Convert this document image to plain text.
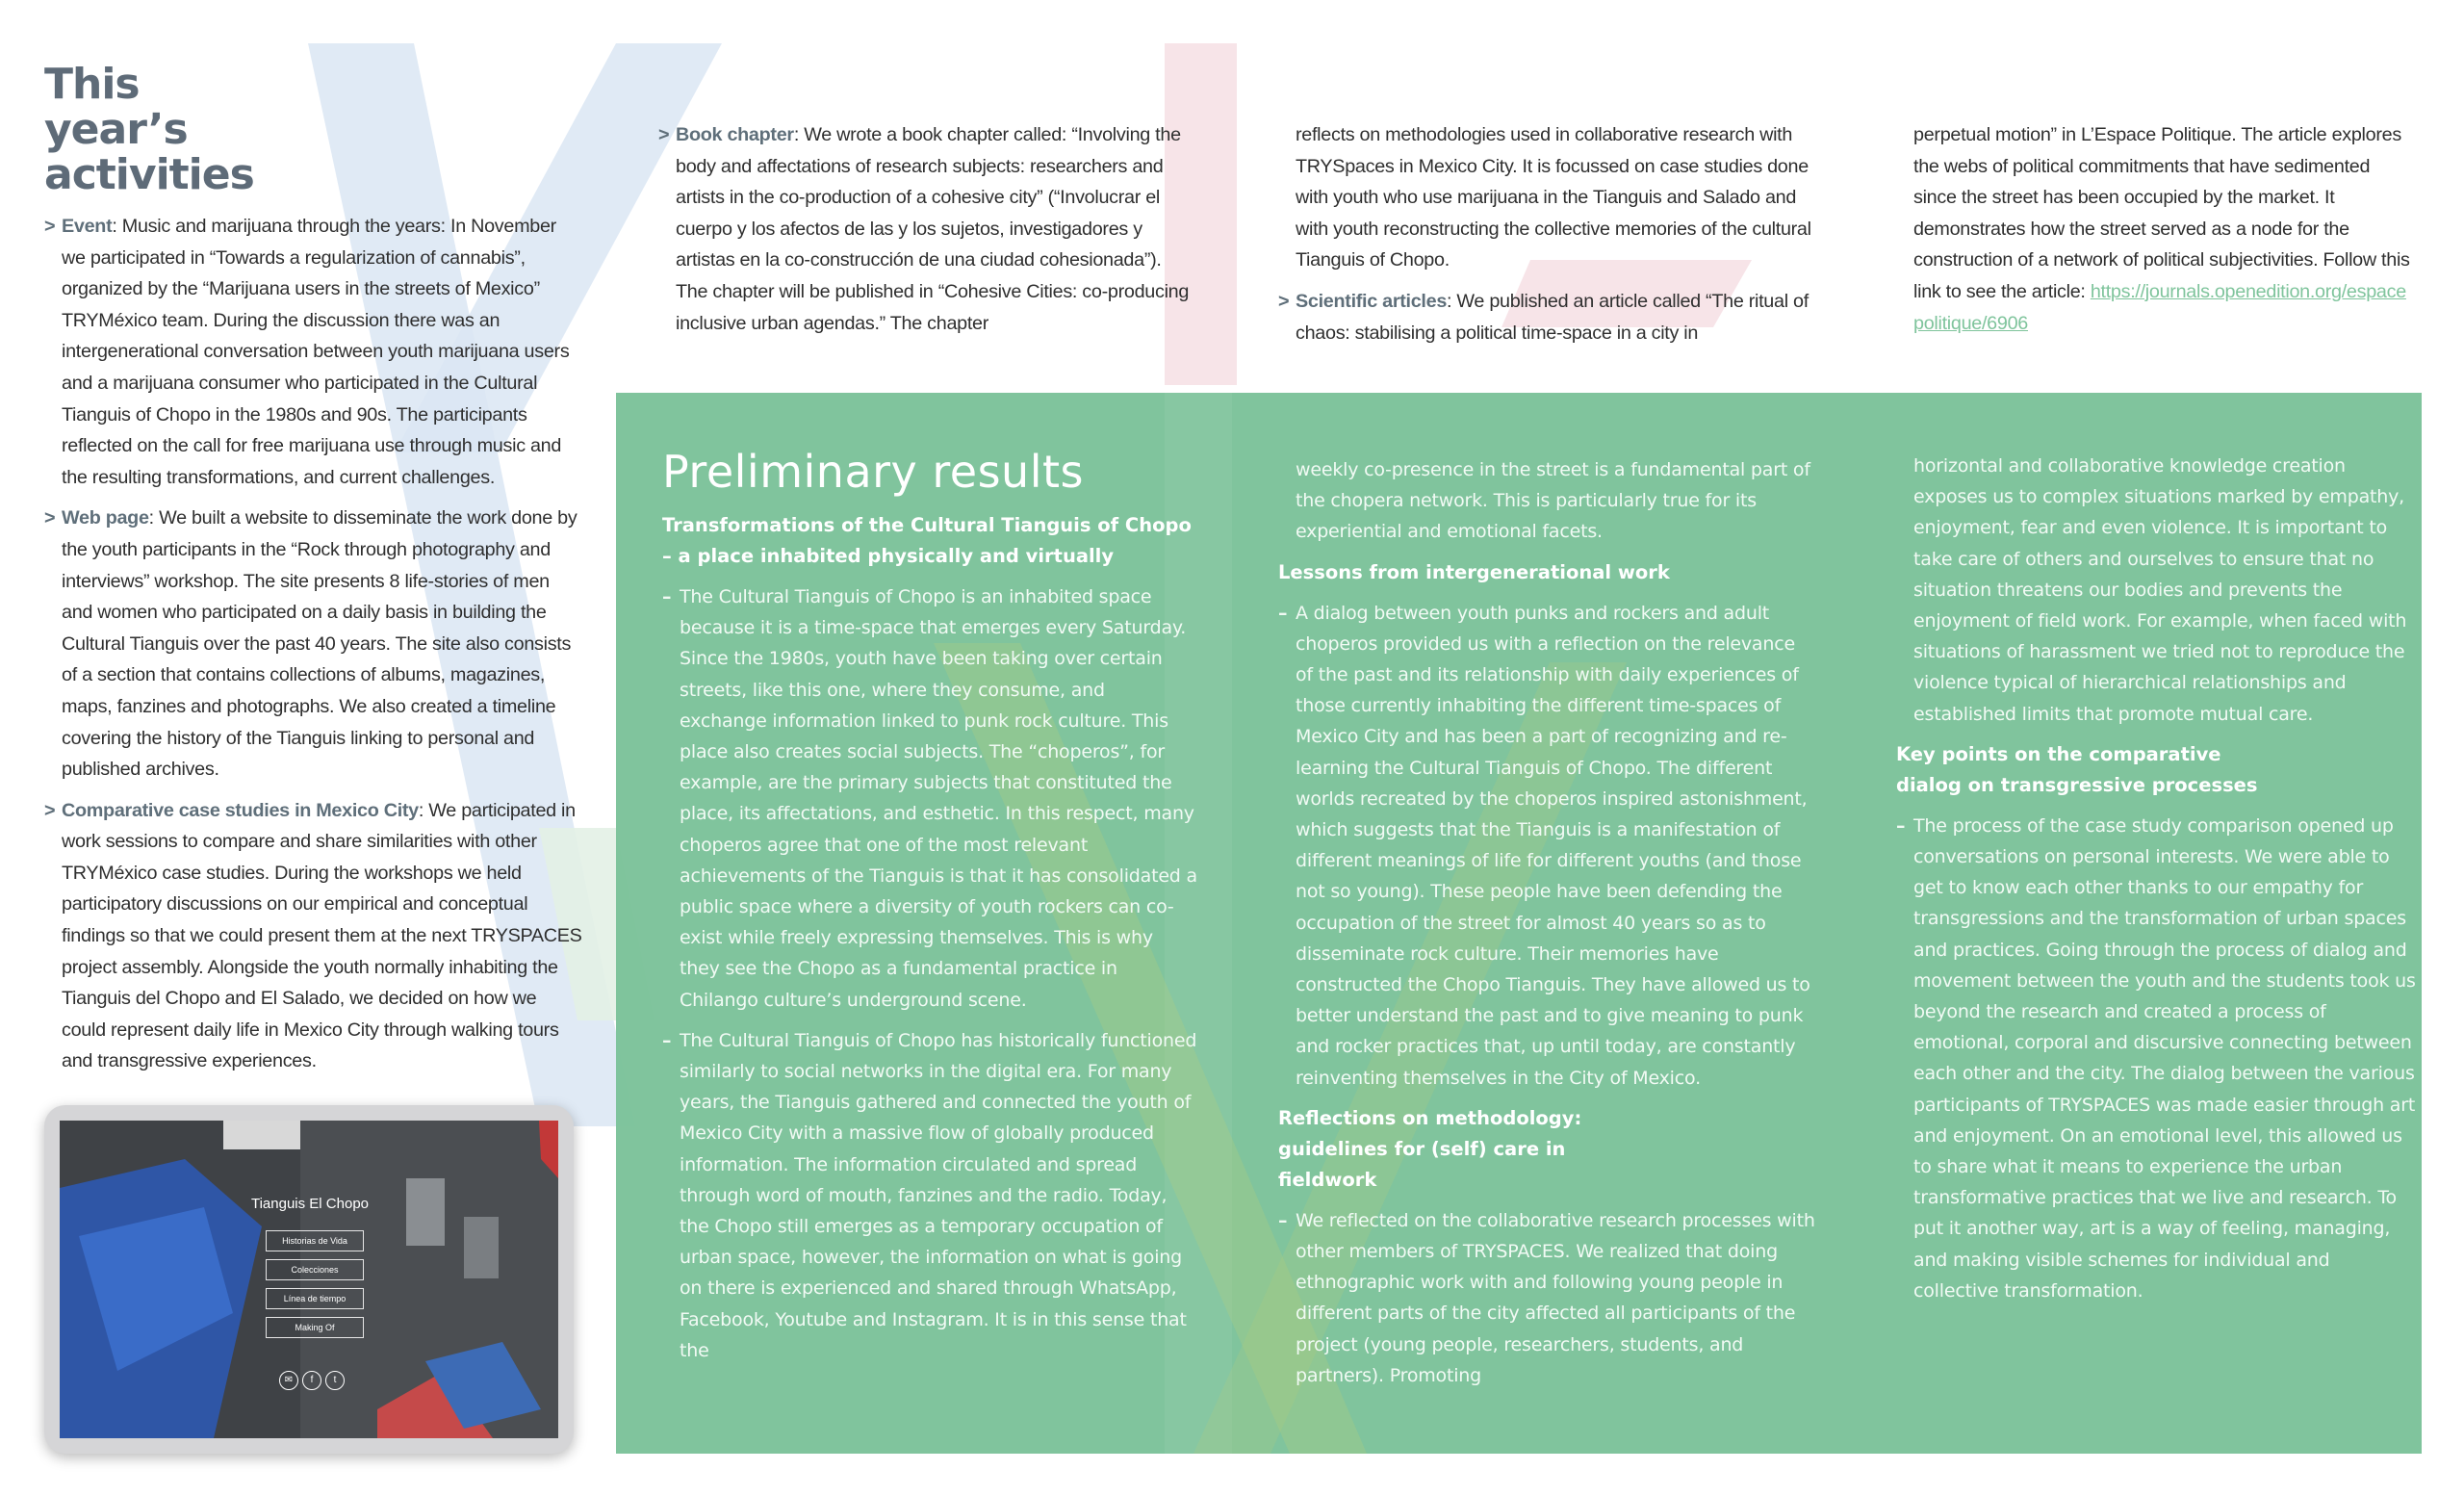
This year’s activities
> Event: Music and marijuana through the years: In November we participated in “Towards a regularization of cannabis”, organized by the “Marijuana users in the streets of Mexico” TRYMéxico team. During the discussion there was an intergenerational conversation between youth marijuana users and a marijuana consumer who participated in the Cultural Tianguis of Chopo in the 1980s and 90s. The participants reflected on the call for free marijuana use through music and the resulting transformations, and current challenges.
> Web page: We built a website to disseminate the work done by the youth participants in the “Rock through photography and interviews” workshop. The site presents 8 life-stories of men and women who participated on a daily basis in building the Cultural Tianguis over the past 40 years. The site also consists of a section that contains collections of albums, magazines, maps, fanzines and photographs. We also created a timeline covering the history of the Tianguis linking to personal and published archives.
> Comparative case studies in Mexico City: We participated in work sessions to compare and share similarities with other TRYMéxico case studies. During the workshops we held participatory discussions on our empirical and conceptual findings so that we could present them at the next TRYSPACES project assembly. Alongside the youth normally inhabiting the Tianguis del Chopo and El Salado, we decided on how we could represent daily life in Mexico City through walking tours and transgressive experiences.
> Book chapter: We wrote a book chapter called: “Involving the body and affectations of research subjects: researchers and artists in the co-production of a cohesive city” (“Involucrar el cuerpo y los afectos de las y los sujetos, investigadores y artistas en la co-construcción de una ciudad cohesionada”). The chapter will be published in “Cohesive Cities: co-producing inclusive urban agendas.” The chapter
reflects on methodologies used in collaborative research with TRYSpaces in Mexico City. It is focussed on case studies done with youth who use marijuana in the Tianguis and Salado and with youth reconstructing the collective memories of the cultural Tianguis of Chopo.
> Scientific articles: We published an article called “The ritual of chaos: stabilising a political time-space in a city in
perpetual motion” in L’Espace Politique. The article explores the webs of political commitments that have sedimented since the street has been occupied by the market. It demonstrates how the street served as a node for the construction of a network of political subjectivities. Follow this link to see the article: https://journals.openedition.org/espacepolitique/6906
Preliminary results
Transformations of the Cultural Tianguis of Chopo – a place inhabited physically and virtually
– The Cultural Tianguis of Chopo is an inhabited space because it is a time-space that emerges every Saturday. Since the 1980s, youth have been taking over certain streets, like this one, where they consume, and exchange information linked to punk rock culture. This place also creates social subjects. The “choperos”, for example, are the primary subjects that constituted the place, its affectations, and esthetic. In this respect, many choperos agree that one of the most relevant achievements of the Tianguis is that it has consolidated a public space where a diversity of youth rockers can co-exist while freely expressing themselves. This is why they see the Chopo as a fundamental practice in Chilango culture’s underground scene.
– The Cultural Tianguis of Chopo has historically functioned similarly to social networks in the digital era. For many years, the Tianguis gathered and connected the youth of Mexico City with a massive flow of globally produced information. The information circulated and spread through word of mouth, fanzines and the radio. Today, the Chopo still emerges as a temporary occupation of urban space, however, the information on what is going on there is experienced and shared through WhatsApp, Facebook, Youtube and Instagram. It is in this sense that the
weekly co-presence in the street is a fundamental part of the chopera network. This is particularly true for its experiential and emotional facets.
Lessons from intergenerational work
– A dialog between youth punks and rockers and adult choperos provided us with a reflection on the relevance of the past and its relationship with daily experiences of those currently inhabiting the different time-spaces of Mexico City and has been a part of recognizing and re-learning the Cultural Tianguis of Chopo. The different worlds recreated by the choperos inspired astonishment, which suggests that the Tianguis is a manifestation of different meanings of life for different youths (and those not so young). These people have been defending the occupation of the street for almost 40 years so as to disseminate rock culture. Their memories have constructed the Chopo Tianguis. They have allowed us to better understand the past and to give meaning to punk and rocker practices that, up until today, are constantly reinventing themselves in the City of Mexico.
Reflections on methodology: guidelines for (self) care in fieldwork
– We reflected on the collaborative research processes with other members of TRYSPACES. We realized that doing ethnographic work with and following young people in different parts of the city affected all participants of the project (young people, researchers, students, and partners). Promoting
horizontal and collaborative knowledge creation exposes us to complex situations marked by empathy, enjoyment, fear and even violence. It is important to take care of others and ourselves to ensure that no situation threatens our bodies and prevents the enjoyment of field work. For example, when faced with situations of harassment we tried not to reproduce the violence typical of hierarchical relationships and established limits that promote mutual care.
Key points on the comparative dialog on transgressive processes
– The process of the case study comparison opened up conversations on personal interests. We were able to get to know each other thanks to our empathy for transgressions and the transformation of urban spaces and practices. Going through the process of dialog and movement between the youth and the students took us beyond the research and created a process of emotional, corporal and discursive connecting between each other and the city. The dialog between the various participants of TRYSPACES was made easier through art and enjoyment. On an emotional level, this allowed us to share what it means to experience the urban transformative practices that we live and research. To put it another way, art is a way of feeling, managing, and making visible schemes for individual and collective transformation.
Tianguis El Chopo
Historias de Vida
Colecciones
Línea de tiempo
Making Of
✉	f	t
